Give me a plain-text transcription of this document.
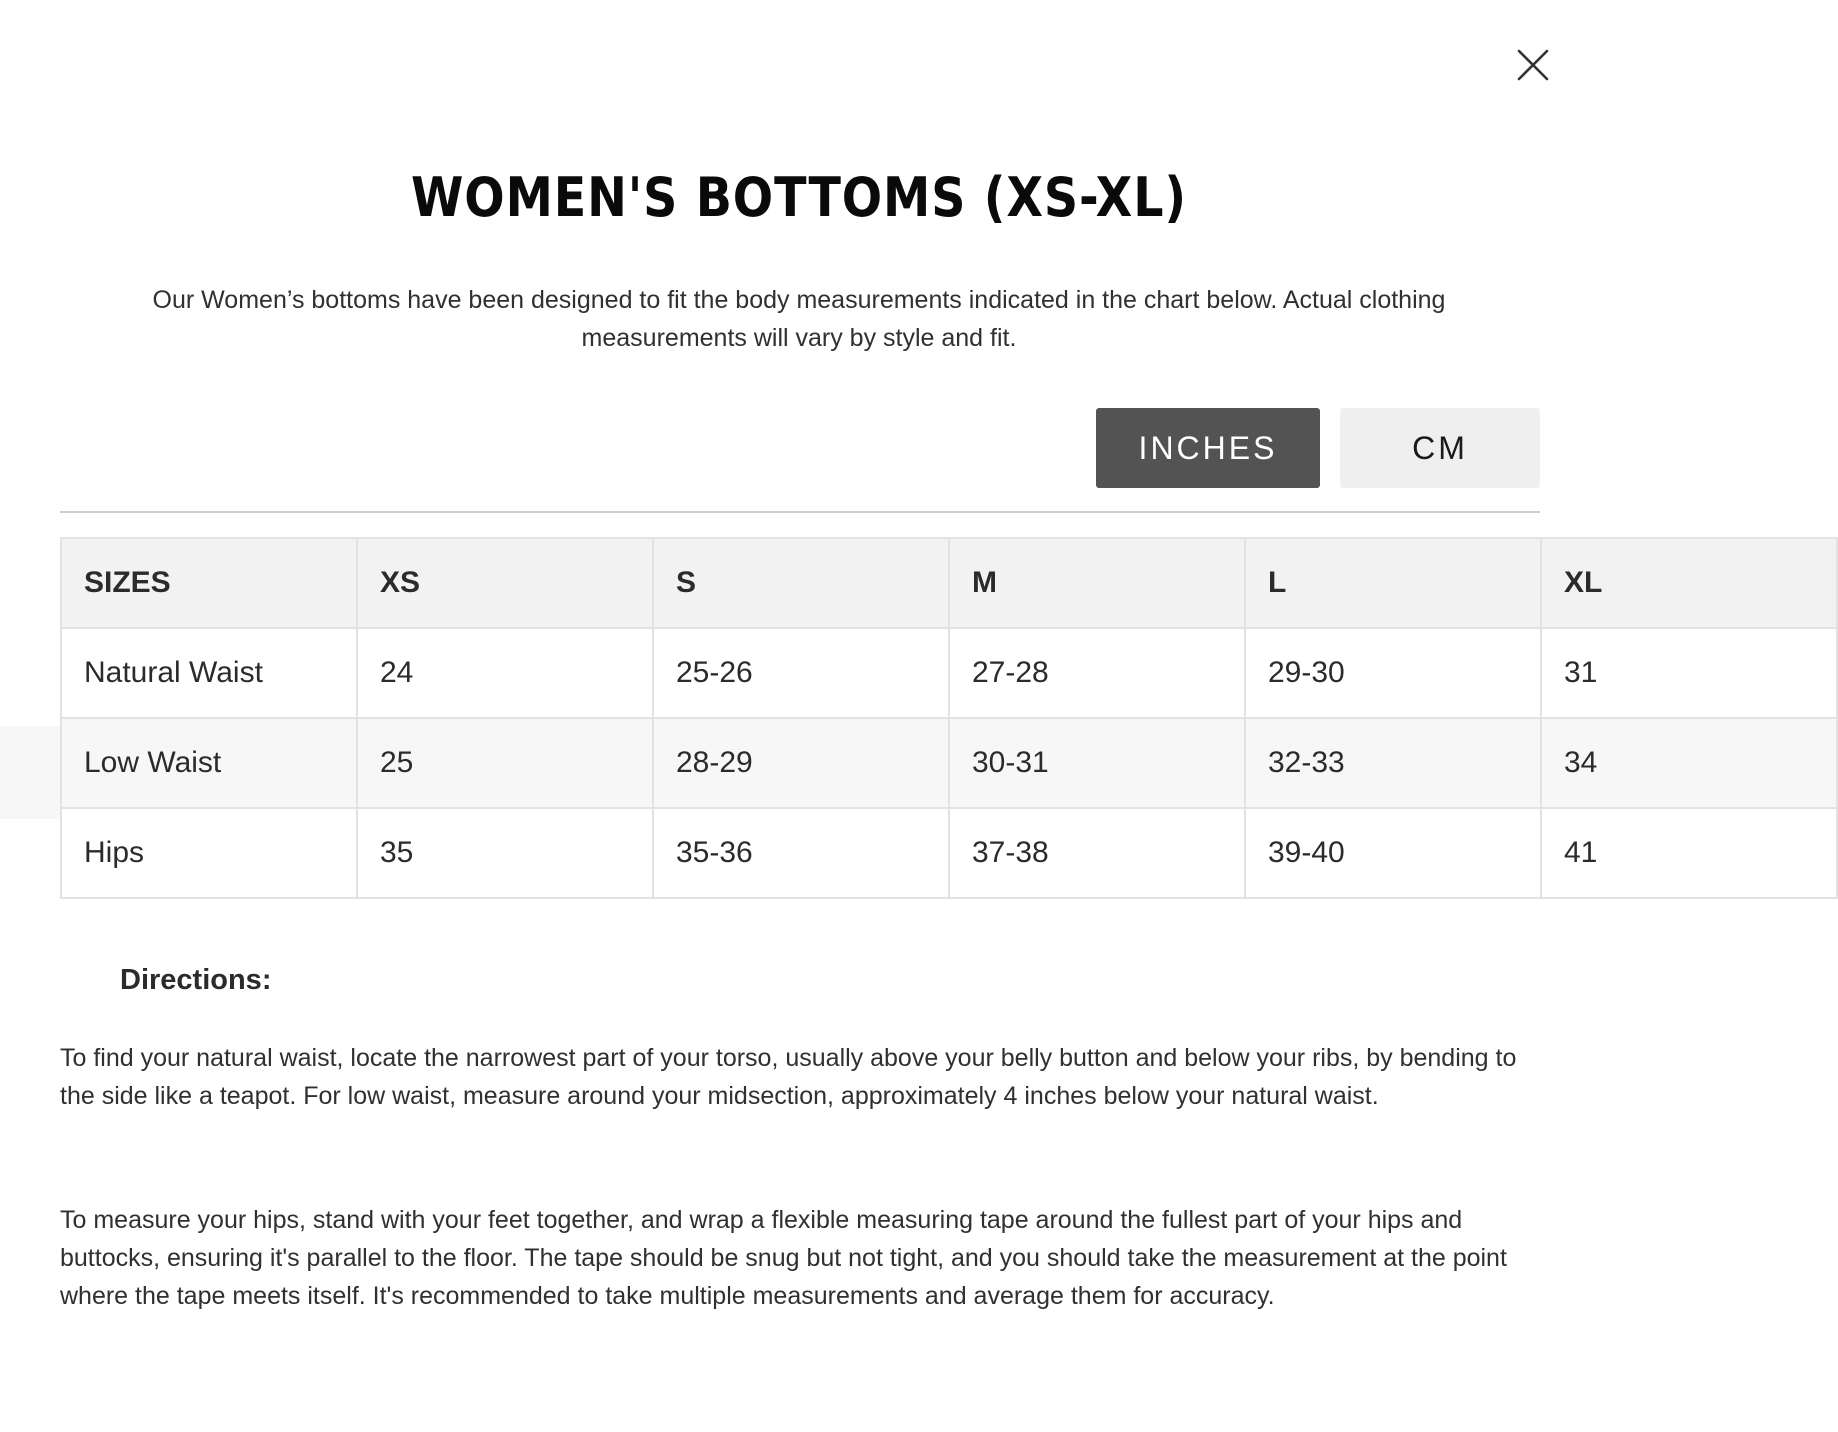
WOMEN'S BOTTOMS (XS-XL)

Our Women’s bottoms have been designed to fit the body measurements indicated in the chart below. Actual clothing measurements will vary by style and fit.

INCHES	CM
SIZES	XS	S	M	L	XL
Natural Waist	24	25-26	27-28	29-30	31
Low Waist	25	28-29	30-31	32-33	34
Hips	35	35-36	37-38	39-40	41
Directions:

To find your natural waist, locate the narrowest part of your torso, usually above your belly button and below your ribs, by bending to the side like a teapot. For low waist, measure around your midsection, approximately 4 inches below your natural waist.

To measure your hips, stand with your feet together, and wrap a flexible measuring tape around the fullest part of your hips and buttocks, ensuring it's parallel to the floor. The tape should be snug but not tight, and you should take the measurement at the point where the tape meets itself. It's recommended to take multiple measurements and average them for accuracy.
